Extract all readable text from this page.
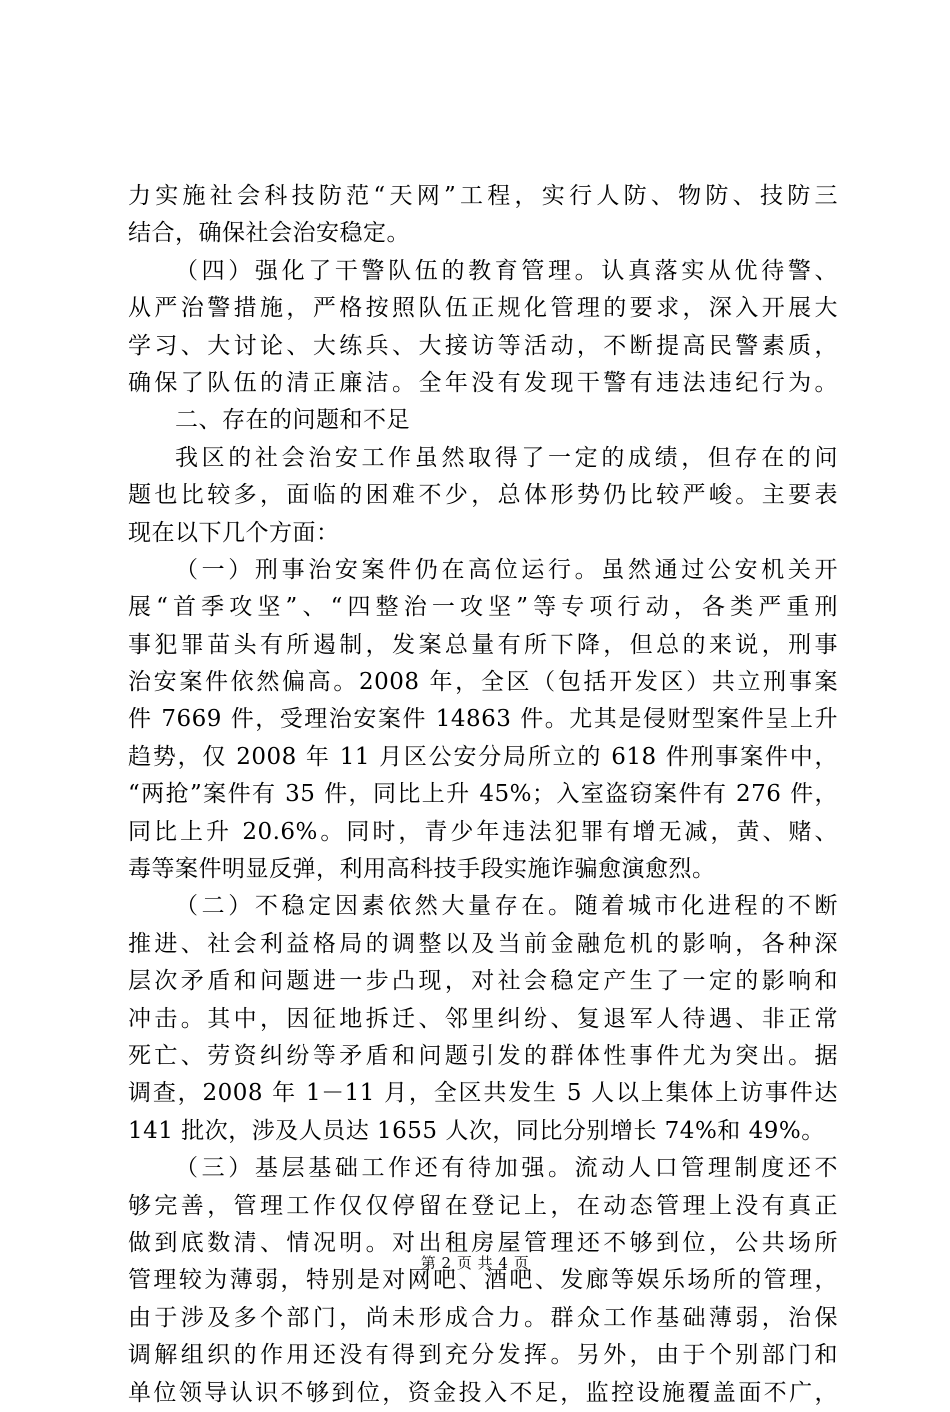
力实施社会科技防范“天网”工程，实行人防、物防、技防三
结合，确保社会治安稳定。
（四）强化了干警队伍的教育管理。认真落实从优待警、
从严治警措施，严格按照队伍正规化管理的要求，深入开展大
学习、大讨论、大练兵、大接访等活动，不断提高民警素质，
确保了队伍的清正廉洁。全年没有发现干警有违法违纪行为。
二、存在的问题和不足
我区的社会治安工作虽然取得了一定的成绩，但存在的问
题也比较多，面临的困难不少，总体形势仍比较严峻。主要表
现在以下几个方面：
（一）刑事治安案件仍在高位运行。虽然通过公安机关开
展“首季攻坚”、“四整治一攻坚”等专项行动，各类严重刑
事犯罪苗头有所遏制，发案总量有所下降，但总的来说，刑事
治安案件依然偏高。2008 年，全区（包括开发区）共立刑事案
件 7669 件，受理治安案件 14863 件。尤其是侵财型案件呈上升
趋势，仅 2008 年 11 月区公安分局所立的 618 件刑事案件中，
“两抢”案件有 35 件，同比上升 45%；入室盗窃案件有 276 件，
同比上升 20.6%。同时，青少年违法犯罪有增无减，黄、赌、
毒等案件明显反弹，利用高科技手段实施诈骗愈演愈烈。
（二）不稳定因素依然大量存在。随着城市化进程的不断
推进、社会利益格局的调整以及当前金融危机的影响，各种深
层次矛盾和问题进一步凸现，对社会稳定产生了一定的影响和
冲击。其中，因征地拆迁、邻里纠纷、复退军人待遇、非正常
死亡、劳资纠纷等矛盾和问题引发的群体性事件尤为突出。据
调查，2008 年 1－11 月，全区共发生 5 人以上集体上访事件达
141 批次，涉及人员达 1655 人次，同比分别增长 74%和 49%。
（三）基层基础工作还有待加强。流动人口管理制度还不
够完善，管理工作仅仅停留在登记上，在动态管理上没有真正
做到底数清、情况明。对出租房屋管理还不够到位，公共场所
管理较为薄弱，特别是对网吧、酒吧、发廊等娱乐场所的管理，
由于涉及多个部门，尚未形成合力。群众工作基础薄弱，治保
调解组织的作用还没有得到充分发挥。另外，由于个别部门和
单位领导认识不够到位，资金投入不足，监控设施覆盖面不广，
第 2 页 共 4 页
